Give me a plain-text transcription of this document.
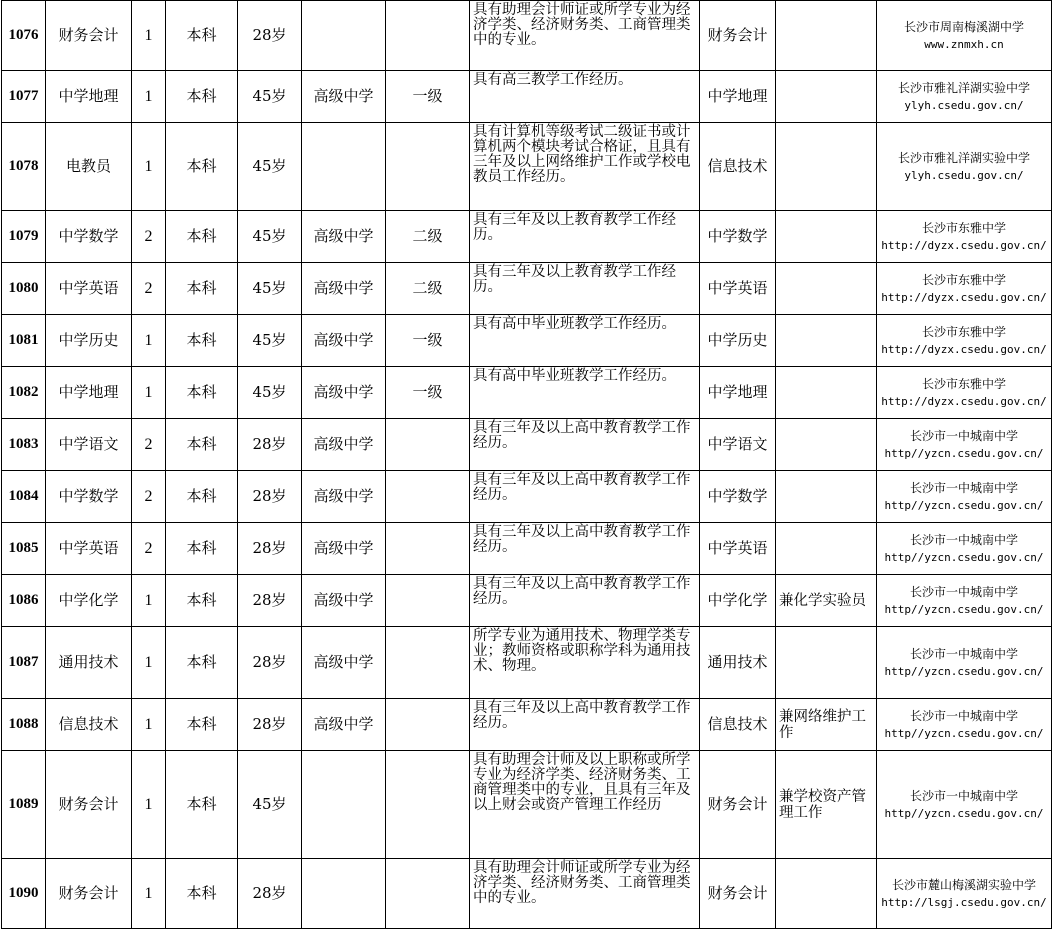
1076	财务会计	1	本科	28岁			具有助理会计师证或所学专业为经济学类、经济财务类、工商管理类中的专业。	财务会计		长沙市周南梅溪湖中学
www.znmxh.cn

1077	中学地理	1	本科	45岁	高级中学	一级	具有高三教学工作经历。	中学地理		长沙市雅礼洋湖实验中学
ylyh.csedu.gov.cn/

1078	电教员	1	本科	45岁			具有计算机等级考试二级证书或计算机两个模块考试合格证，且具有三年及以上网络维护工作或学校电教员工作经历。	信息技术		长沙市雅礼洋湖实验中学
ylyh.csedu.gov.cn/

1079	中学数学	2	本科	45岁	高级中学	二级	具有三年及以上教育教学工作经历。	中学数学		长沙市东雅中学
http://dyzx.csedu.gov.cn/

1080	中学英语	2	本科	45岁	高级中学	二级	具有三年及以上教育教学工作经历。	中学英语		长沙市东雅中学
http://dyzx.csedu.gov.cn/

1081	中学历史	1	本科	45岁	高级中学	一级	具有高中毕业班教学工作经历。	中学历史		长沙市东雅中学
http://dyzx.csedu.gov.cn/

1082	中学地理	1	本科	45岁	高级中学	一级	具有高中毕业班教学工作经历。	中学地理		长沙市东雅中学
http://dyzx.csedu.gov.cn/

1083	中学语文	2	本科	28岁	高级中学		具有三年及以上高中教育教学工作经历。	中学语文		长沙市一中城南中学
http//yzcn.csedu.gov.cn/

1084	中学数学	2	本科	28岁	高级中学		具有三年及以上高中教育教学工作经历。	中学数学		长沙市一中城南中学
http//yzcn.csedu.gov.cn/

1085	中学英语	2	本科	28岁	高级中学		具有三年及以上高中教育教学工作经历。	中学英语		长沙市一中城南中学
http//yzcn.csedu.gov.cn/

1086	中学化学	1	本科	28岁	高级中学		具有三年及以上高中教育教学工作经历。	中学化学	兼化学实验员	长沙市一中城南中学
http//yzcn.csedu.gov.cn/

1087	通用技术	1	本科	28岁	高级中学		所学专业为通用技术、物理学类专业；教师资格或职称学科为通用技术、物理。	通用技术		长沙市一中城南中学
http//yzcn.csedu.gov.cn/

1088	信息技术	1	本科	28岁	高级中学		具有三年及以上高中教育教学工作经历。	信息技术	兼网络维护工作	长沙市一中城南中学
http//yzcn.csedu.gov.cn/

1089	财务会计	1	本科	45岁			具有助理会计师及以上职称或所学专业为经济学类、经济财务类、工商管理类中的专业，且具有三年及以上财会或资产管理工作经历	财务会计	兼学校资产管理工作	长沙市一中城南中学
http//yzcn.csedu.gov.cn/

1090	财务会计	1	本科	28岁			具有助理会计师证或所学专业为经济学类、经济财务类、工商管理类中的专业。	财务会计		长沙市麓山梅溪湖实验中学
http://lsgj.csedu.gov.cn/
